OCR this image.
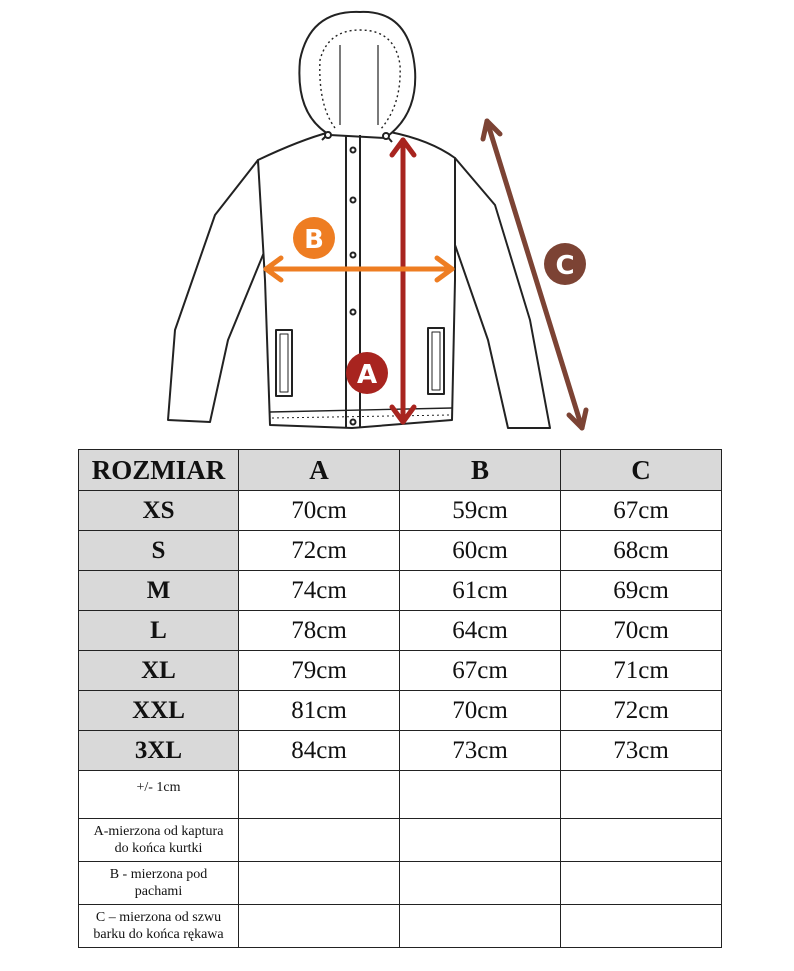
A
B
C
ROZMIAR	A	B	C
XS	70cm	59cm	67cm
S	72cm	60cm	68cm
M	74cm	61cm	69cm
L	78cm	64cm	70cm
XL	79cm	67cm	71cm
XXL	81cm	70cm	72cm
3XL	84cm	73cm	73cm
+/- 1cm			

A-mierzona od kaptura
do końca kurtki			

B - mierzona pod
pachami			

C – mierzona od szwu
barku do końca rękawa			
